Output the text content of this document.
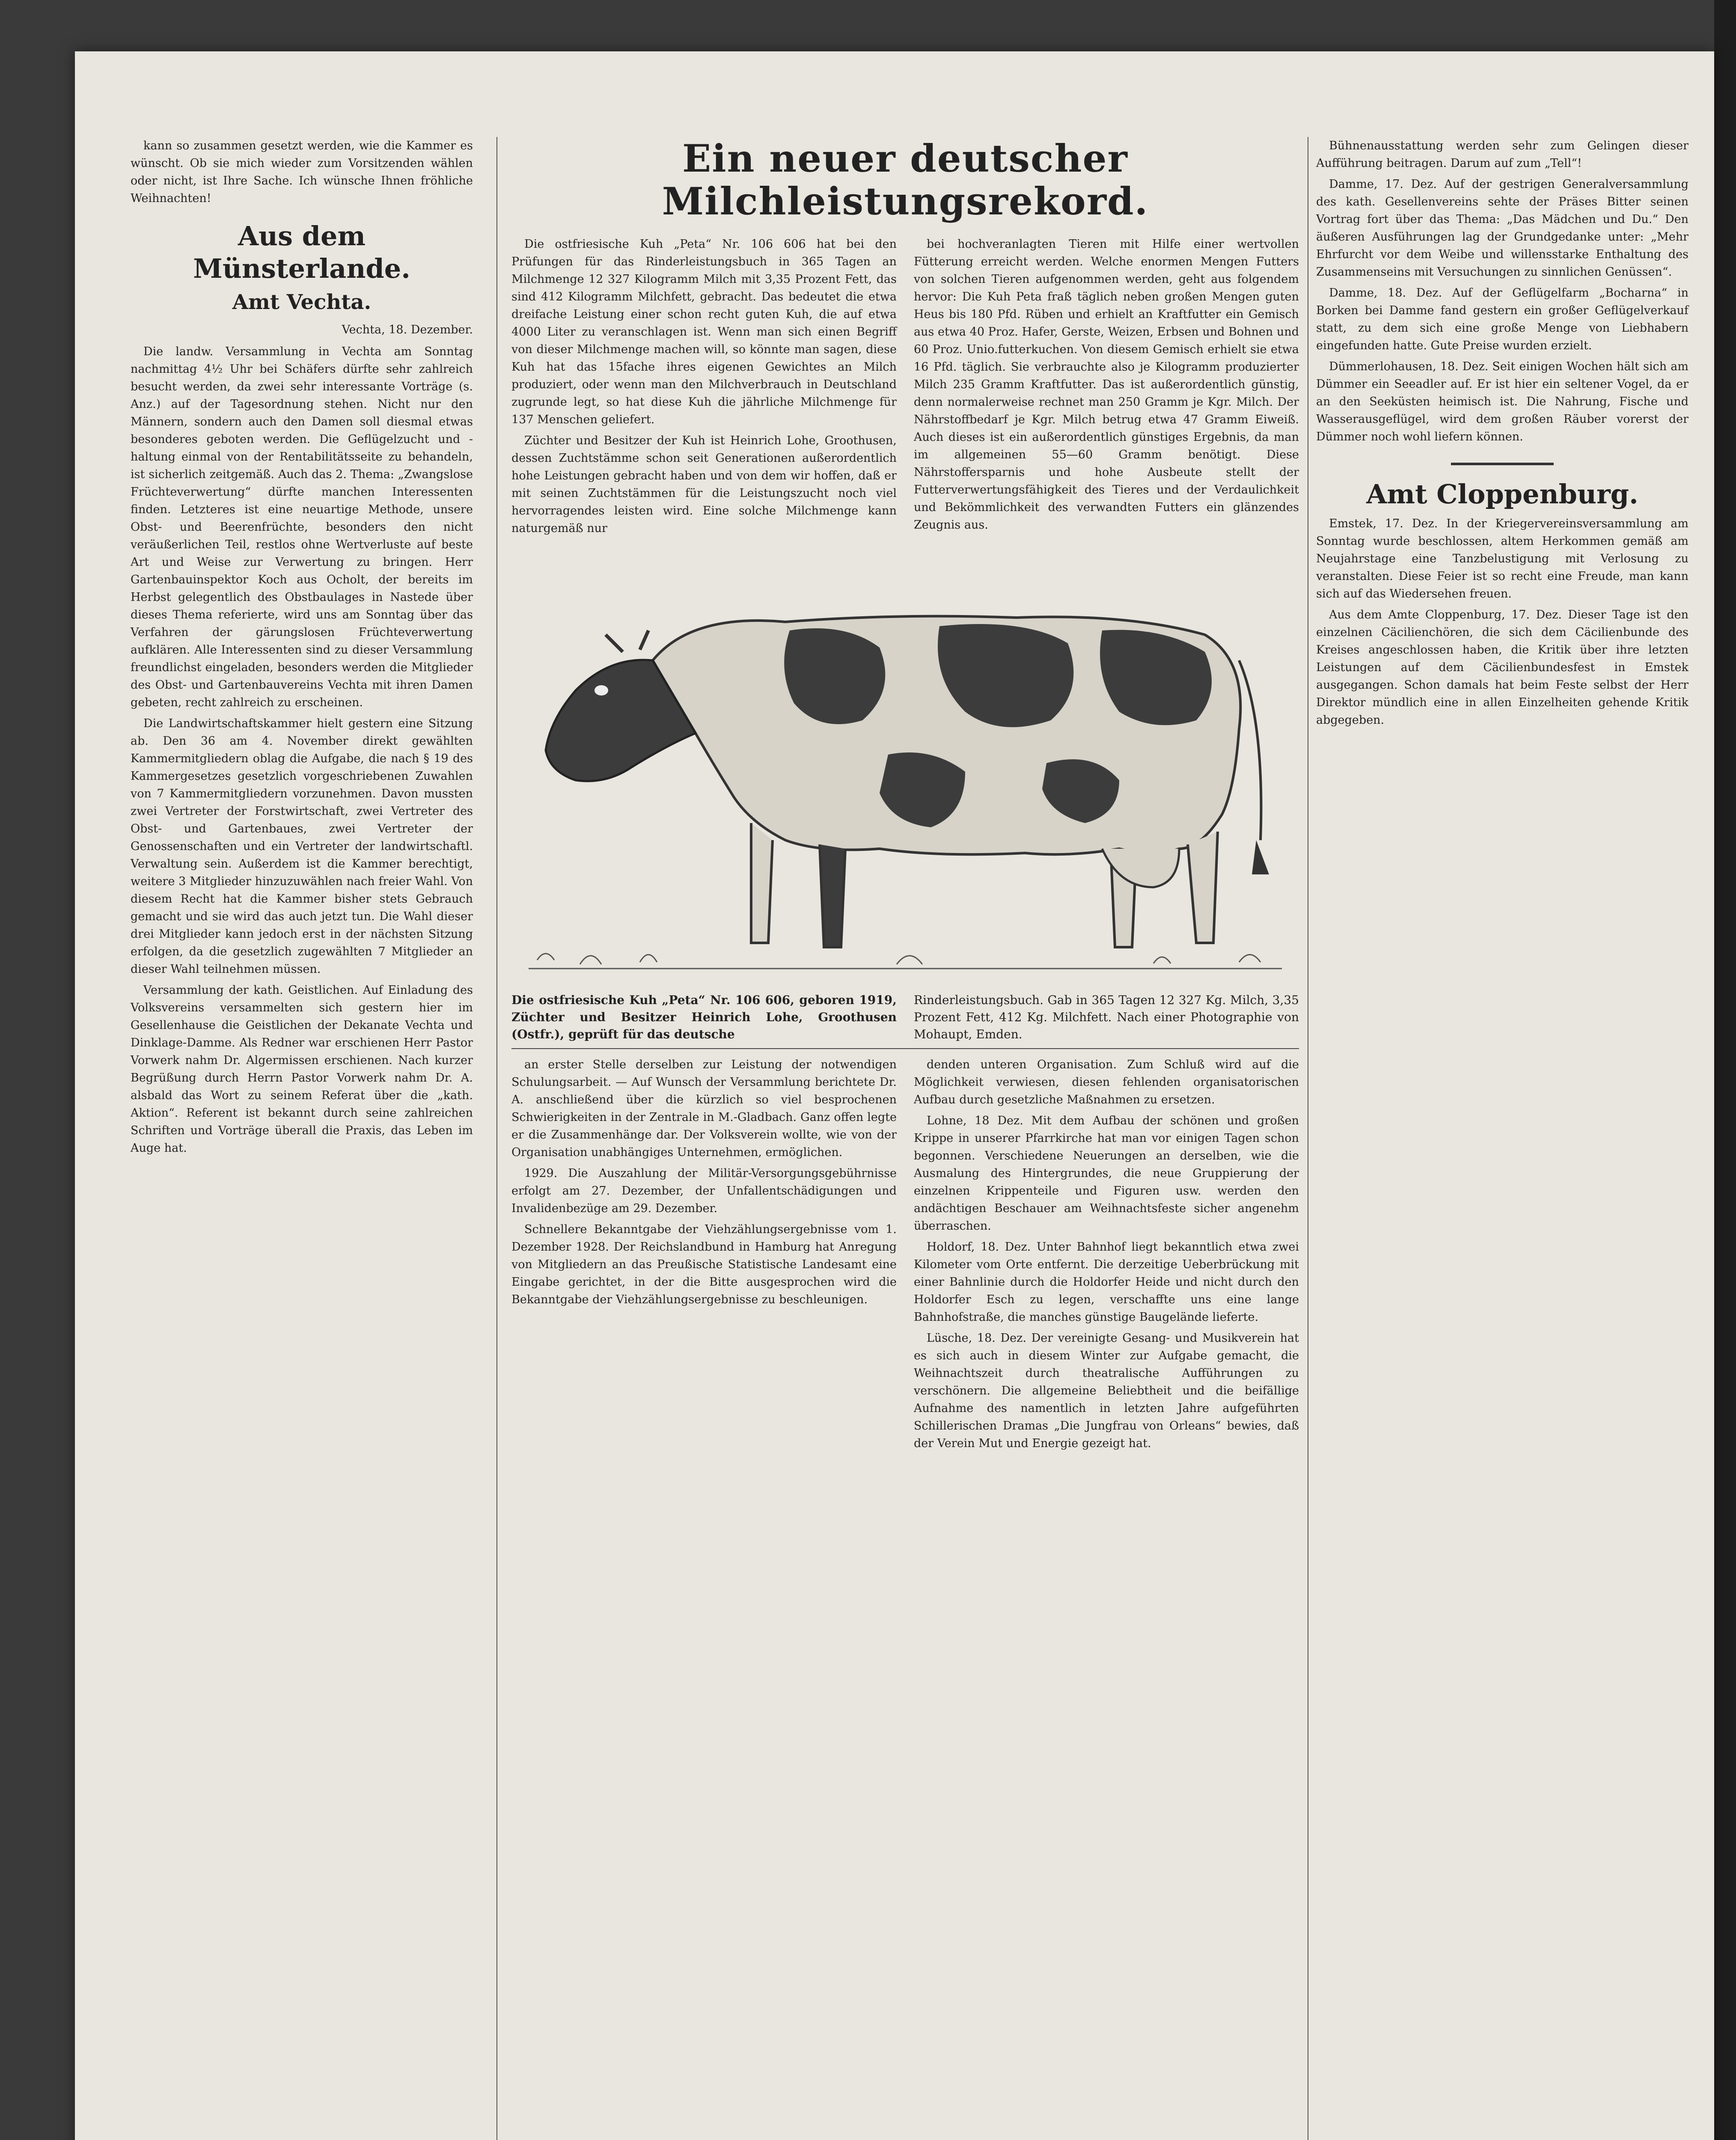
kann so zusammen gesetzt werden, wie die Kammer es wünscht. Ob sie mich wieder zum Vorsitzenden wählen oder nicht, ist Ihre Sache. Ich wünsche Ihnen fröhliche Weihnachten!

Aus dem Münsterlande.
Amt Vechta.
Vechta, 18. Dezember.

Die landw. Versammlung in Vechta am Sonntag nachmittag 4½ Uhr bei Schäfers dürfte sehr zahlreich besucht werden, da zwei sehr interessante Vorträge (s. Anz.) auf der Tagesordnung stehen. Nicht nur den Männern, sondern auch den Damen soll diesmal etwas besonderes geboten werden. Die Geflügelzucht und -haltung einmal von der Rentabilitätsseite zu behandeln, ist sicherlich zeitgemäß. Auch das 2. Thema: „Zwangslose Früchteverwertung“ dürfte manchen Interessenten finden. Letzteres ist eine neuartige Methode, unsere Obst- und Beerenfrüchte, besonders den nicht veräußerlichen Teil, restlos ohne Wertverluste auf beste Art und Weise zur Verwertung zu bringen. Herr Gartenbauinspektor Koch aus Ocholt, der bereits im Herbst gelegentlich des Obstbaulages in Nastede über dieses Thema referierte, wird uns am Sonntag über das Verfahren der gärungslosen Früchteverwertung aufklären. Alle Interessenten sind zu dieser Versammlung freundlichst eingeladen, besonders werden die Mitglieder des Obst- und Gartenbauvereins Vechta mit ihren Damen gebeten, recht zahlreich zu erscheinen.

Die Landwirtschaftskammer hielt gestern eine Sitzung ab. Den 36 am 4. November direkt gewählten Kammermitgliedern oblag die Aufgabe, die nach § 19 des Kammergesetzes gesetzlich vorgeschriebenen Zuwahlen von 7 Kammermitgliedern vorzunehmen. Davon mussten zwei Vertreter der Forstwirtschaft, zwei Vertreter des Obst- und Gartenbaues, zwei Vertreter der Genossenschaften und ein Vertreter der landwirtschaftl. Verwaltung sein. Außerdem ist die Kammer berechtigt, weitere 3 Mitglieder hinzuzuwählen nach freier Wahl. Von diesem Recht hat die Kammer bisher stets Gebrauch gemacht und sie wird das auch jetzt tun. Die Wahl dieser drei Mitglieder kann jedoch erst in der nächsten Sitzung erfolgen, da die gesetzlich zugewählten 7 Mitglieder an dieser Wahl teilnehmen müssen.

Versammlung der kath. Geistlichen. Auf Einladung des Volksvereins versammelten sich gestern hier im Gesellenhause die Geistlichen der Dekanate Vechta und Dinklage-Damme. Als Redner war erschienen Herr Pastor Vorwerk nahm Dr. Algermissen erschienen. Nach kurzer Begrüßung durch Herrn Pastor Vorwerk nahm Dr. A. alsbald das Wort zu seinem Referat über die „kath. Aktion“. Referent ist bekannt durch seine zahlreichen Schriften und Vorträge überall die Praxis, das Leben im Auge hat.

Ein neuer deutscher Milchleistungsrekord.

Die ostfriesische Kuh „Peta“ Nr. 106 606 hat bei den Prüfungen für das Rinderleistungsbuch in 365 Tagen an Milchmenge 12 327 Kilogramm Milch mit 3,35 Prozent Fett, das sind 412 Kilogramm Milchfett, gebracht. Das bedeutet die etwa dreifache Leistung einer schon recht guten Kuh, die auf etwa 4000 Liter zu veranschlagen ist. Wenn man sich einen Begriff von dieser Milchmenge machen will, so könnte man sagen, diese Kuh hat das 15fache ihres eigenen Gewichtes an Milch produziert, oder wenn man den Milchverbrauch in Deutschland zugrunde legt, so hat diese Kuh die jährliche Milchmenge für 137 Menschen geliefert.

Züchter und Besitzer der Kuh ist Heinrich Lohe, Groothusen, dessen Zuchtstämme schon seit Generationen außerordentlich hohe Leistungen gebracht haben und von dem wir hoffen, daß er mit seinen Zuchtstämmen für die Leistungszucht noch viel hervorragendes leisten wird. Eine solche Milchmenge kann naturgemäß nur

bei hochveranlagten Tieren mit Hilfe einer wertvollen Fütterung erreicht werden. Welche enormen Mengen Futters von solchen Tieren aufgenommen werden, geht aus folgendem hervor: Die Kuh Peta fraß täglich neben großen Mengen guten Heus bis 180 Pfd. Rüben und erhielt an Kraftfutter ein Gemisch aus etwa 40 Proz. Hafer, Gerste, Weizen, Erbsen und Bohnen und 60 Proz. Unio.futterkuchen. Von diesem Gemisch erhielt sie etwa 16 Pfd. täglich. Sie verbrauchte also je Kilogramm produzierter Milch 235 Gramm Kraftfutter. Das ist außerordentlich günstig, denn normalerweise rechnet man 250 Gramm je Kgr. Milch. Der Nährstoffbedarf je Kgr. Milch betrug etwa 47 Gramm Eiweiß. Auch dieses ist ein außerordentlich günstiges Ergebnis, da man im allgemeinen 55—60 Gramm benötigt. Diese Nährstoffersparnis und hohe Ausbeute stellt der Futterverwertungsfähigkeit des Tieres und der Verdaulichkeit und Bekömmlichkeit des verwandten Futters ein glänzendes Zeugnis aus.

Die ostfriesische Kuh „Peta“ Nr. 106 606, geboren 1919, Züchter und Besitzer Heinrich Lohe, Groothusen (Ostfr.), geprüft für das deutsche
Rinderleistungsbuch. Gab in 365 Tagen 12 327 Kg. Milch, 3,35 Prozent Fett, 412 Kg. Milchfett. Nach einer Photographie von Mohaupt, Emden.

an erster Stelle derselben zur Leistung der notwendigen Schulungsarbeit. — Auf Wunsch der Versammlung berichtete Dr. A. anschließend über die kürzlich so viel besprochenen Schwierigkeiten in der Zentrale in M.-Gladbach. Ganz offen legte er die Zusammenhänge dar. Der Volksverein wollte, wie von der Organisation unabhängiges Unternehmen, ermöglichen.

1929. Die Auszahlung der Militär-Versorgungsgebührnisse erfolgt am 27. Dezember, der Unfallentschädigungen und Invalidenbezüge am 29. Dezember.

Schnellere Bekanntgabe der Viehzählungsergebnisse vom 1. Dezember 1928. Der Reichslandbund in Hamburg hat Anregung von Mitgliedern an das Preußische Statistische Landesamt eine Eingabe gerichtet, in der die Bitte ausgesprochen wird die Bekanntgabe der Viehzählungsergebnisse zu beschleunigen.

denden unteren Organisation. Zum Schluß wird auf die Möglichkeit verwiesen, diesen fehlenden organisatorischen Aufbau durch gesetzliche Maßnahmen zu ersetzen.

Lohne, 18 Dez. Mit dem Aufbau der schönen und großen Krippe in unserer Pfarrkirche hat man vor einigen Tagen schon begonnen. Verschiedene Neuerungen an derselben, wie die Ausmalung des Hintergrundes, die neue Gruppierung der einzelnen Krippenteile und Figuren usw. werden den andächtigen Beschauer am Weihnachtsfeste sicher angenehm überraschen.

Holdorf, 18. Dez. Unter Bahnhof liegt bekanntlich etwa zwei Kilometer vom Orte entfernt. Die derzeitige Ueberbrückung mit einer Bahnlinie durch die Holdorfer Heide und nicht durch den Holdorfer Esch zu legen, verschaffte uns eine lange Bahnhofstraße, die manches günstige Baugelände lieferte.

Lüsche, 18. Dez. Der vereinigte Gesang- und Musikverein hat es sich auch in diesem Winter zur Aufgabe gemacht, die Weihnachtszeit durch theatralische Aufführungen zu verschönern. Die allgemeine Beliebtheit und die beifällige Aufnahme des namentlich in letzten Jahre aufgeführten Schillerischen Dramas „Die Jungfrau von Orleans“ bewies, daß der Verein Mut und Energie gezeigt hat.

Bühnenausstattung werden sehr zum Gelingen dieser Aufführung beitragen. Darum auf zum „Tell“!

Damme, 17. Dez. Auf der gestrigen Generalversammlung des kath. Gesellenvereins sehte der Präses Bitter seinen Vortrag fort über das Thema: „Das Mädchen und Du.“ Den äußeren Ausführungen lag der Grundgedanke unter: „Mehr Ehrfurcht vor dem Weibe und willensstarke Enthaltung des Zusammenseins mit Versuchungen zu sinnlichen Genüssen“.

Damme, 18. Dez. Auf der Geflügelfarm „Bocharna“ in Borken bei Damme fand gestern ein großer Geflügelverkauf statt, zu dem sich eine große Menge von Liebhabern eingefunden hatte. Gute Preise wurden erzielt.

Dümmerlohausen, 18. Dez. Seit einigen Wochen hält sich am Dümmer ein Seeadler auf. Er ist hier ein seltener Vogel, da er an den Seeküsten heimisch ist. Die Nahrung, Fische und Wasserausgeflügel, wird dem großen Räuber vorerst der Dümmer noch wohl liefern können.

Amt Cloppenburg.

Emstek, 17. Dez. In der Kriegervereinsversammlung am Sonntag wurde beschlossen, altem Herkommen gemäß am Neujahrstage eine Tanzbelustigung mit Verlosung zu veranstalten. Diese Feier ist so recht eine Freude, man kann sich auf das Wiedersehen freuen.

Aus dem Amte Cloppenburg, 17. Dez. Dieser Tage ist den einzelnen Cäcilienchören, die sich dem Cäcilienbunde des Kreises angeschlossen haben, die Kritik über ihre letzten Leistungen auf dem Cäcilienbundesfest in Emstek ausgegangen. Schon damals hat beim Feste selbst der Herr Direktor mündlich eine in allen Einzelheiten gehende Kritik abgegeben.
